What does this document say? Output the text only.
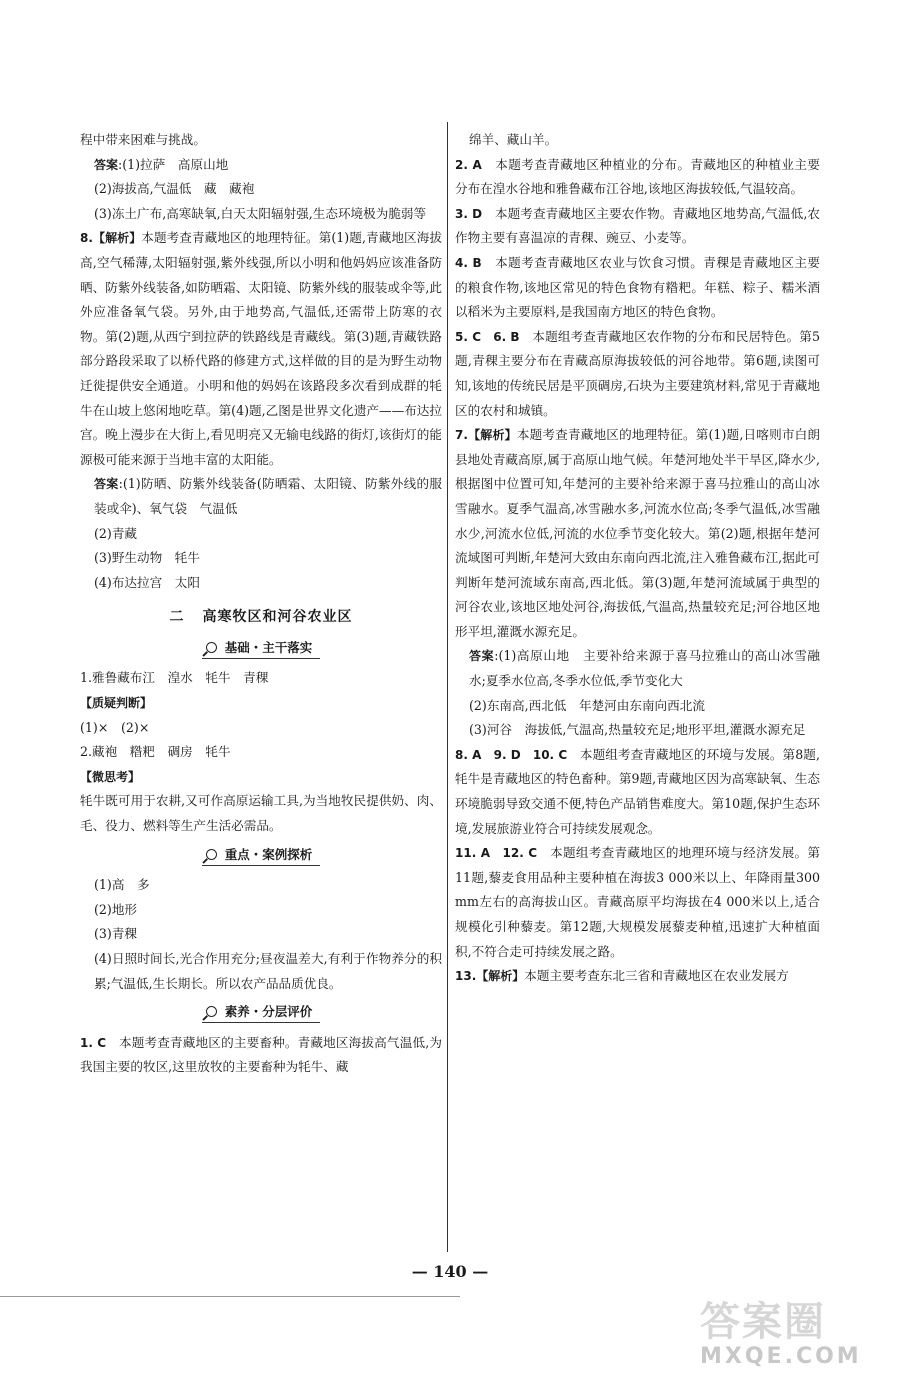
程中带来困难与挑战。

答案:(1)拉萨　高原山地

(2)海拔高,气温低　藏　藏袍

(3)冻土广布,高寒缺氧,白天太阳辐射强,生态环境极为脆弱等

8.【解析】本题考查青藏地区的地理特征。第(1)题,青藏地区海拔高,空气稀薄,太阳辐射强,紫外线强,所以小明和他妈妈应该准备防晒、防紫外线装备,如防晒霜、太阳镜、防紫外线的服装或伞等,此外应准备氧气袋。另外,由于地势高,气温低,还需带上防寒的衣物。第(2)题,从西宁到拉萨的铁路线是青藏线。第(3)题,青藏铁路部分路段采取了以桥代路的修建方式,这样做的目的是为野生动物迁徙提供安全通道。小明和他的妈妈在该路段多次看到成群的牦牛在山坡上悠闲地吃草。第(4)题,乙图是世界文化遗产——布达拉宫。晚上漫步在大街上,看见明亮又无输电线路的街灯,该街灯的能源极可能来源于当地丰富的太阳能。

答案:(1)防晒、防紫外线装备(防晒霜、太阳镜、防紫外线的服装或伞)、氧气袋　气温低

(2)青藏

(3)野生动物　牦牛

(4)布达拉宫　太阳

二 高寒牧区和河谷农业区
基础・主干落实

1.雅鲁藏布江　湟水　牦牛　青稞

【质疑判断】

(1)×　(2)×

2.藏袍　糌粑　碉房　牦牛

【微思考】

牦牛既可用于农耕,又可作高原运输工具,为当地牧民提供奶、肉、毛、役力、燃料等生产生活必需品。

重点・案例探析

(1)高　多

(2)地形

(3)青稞

(4)日照时间长,光合作用充分;昼夜温差大,有利于作物养分的积累;气温低,生长期长。所以农产品品质优良。

素养・分层评价

1. C　本题考查青藏地区的主要畜种。青藏地区海拔高气温低,为我国主要的牧区,这里放牧的主要畜种为牦牛、藏

绵羊、藏山羊。

2. A　本题考查青藏地区种植业的分布。青藏地区的种植业主要分布在湟水谷地和雅鲁藏布江谷地,该地区海拔较低,气温较高。

3. D　本题考查青藏地区主要农作物。青藏地区地势高,气温低,农作物主要有喜温凉的青稞、豌豆、小麦等。

4. B　本题考查青藏地区农业与饮食习惯。青稞是青藏地区主要的粮食作物,该地区常见的特色食物有糌粑。年糕、粽子、糯米酒以稻米为主要原料,是我国南方地区的特色食物。

5. C　6. B　本题组考查青藏地区农作物的分布和民居特色。第5题,青稞主要分布在青藏高原海拔较低的河谷地带。第6题,读图可知,该地的传统民居是平顶碉房,石块为主要建筑材料,常见于青藏地区的农村和城镇。

7.【解析】本题考查青藏地区的地理特征。第(1)题,日喀则市白朗县地处青藏高原,属于高原山地气候。年楚河地处半干旱区,降水少,根据图中位置可知,年楚河的主要补给来源于喜马拉雅山的高山冰雪融水。夏季气温高,冰雪融水多,河流水位高;冬季气温低,冰雪融水少,河流水位低,河流的水位季节变化较大。第(2)题,根据年楚河流域图可判断,年楚河大致由东南向西北流,注入雅鲁藏布江,据此可判断年楚河流域东南高,西北低。第(3)题,年楚河流域属于典型的河谷农业,该地区地处河谷,海拔低,气温高,热量较充足;河谷地区地形平坦,灌溉水源充足。

答案:(1)高原山地　主要补给来源于喜马拉雅山的高山冰雪融水;夏季水位高,冬季水位低,季节变化大

(2)东南高,西北低　年楚河由东南向西北流

(3)河谷　海拔低,气温高,热量较充足;地形平坦,灌溉水源充足

8. A　9. D　10. C　本题组考查青藏地区的环境与发展。第8题,牦牛是青藏地区的特色畜种。第9题,青藏地区因为高寒缺氧、生态环境脆弱导致交通不便,特色产品销售难度大。第10题,保护生态环境,发展旅游业符合可持续发展观念。

11. A　12. C　本题组考查青藏地区的地理环境与经济发展。第11题,藜麦食用品种主要种植在海拔3 000米以上、年降雨量300 mm左右的高海拔山区。青藏高原平均海拔在4 000米以上,适合规模化引种藜麦。第12题,大规模发展藜麦种植,迅速扩大种植面积,不符合走可持续发展之路。

13.【解析】本题主要考查东北三省和青藏地区在农业发展方

— 140 —
答案圈
MXQE.COM
